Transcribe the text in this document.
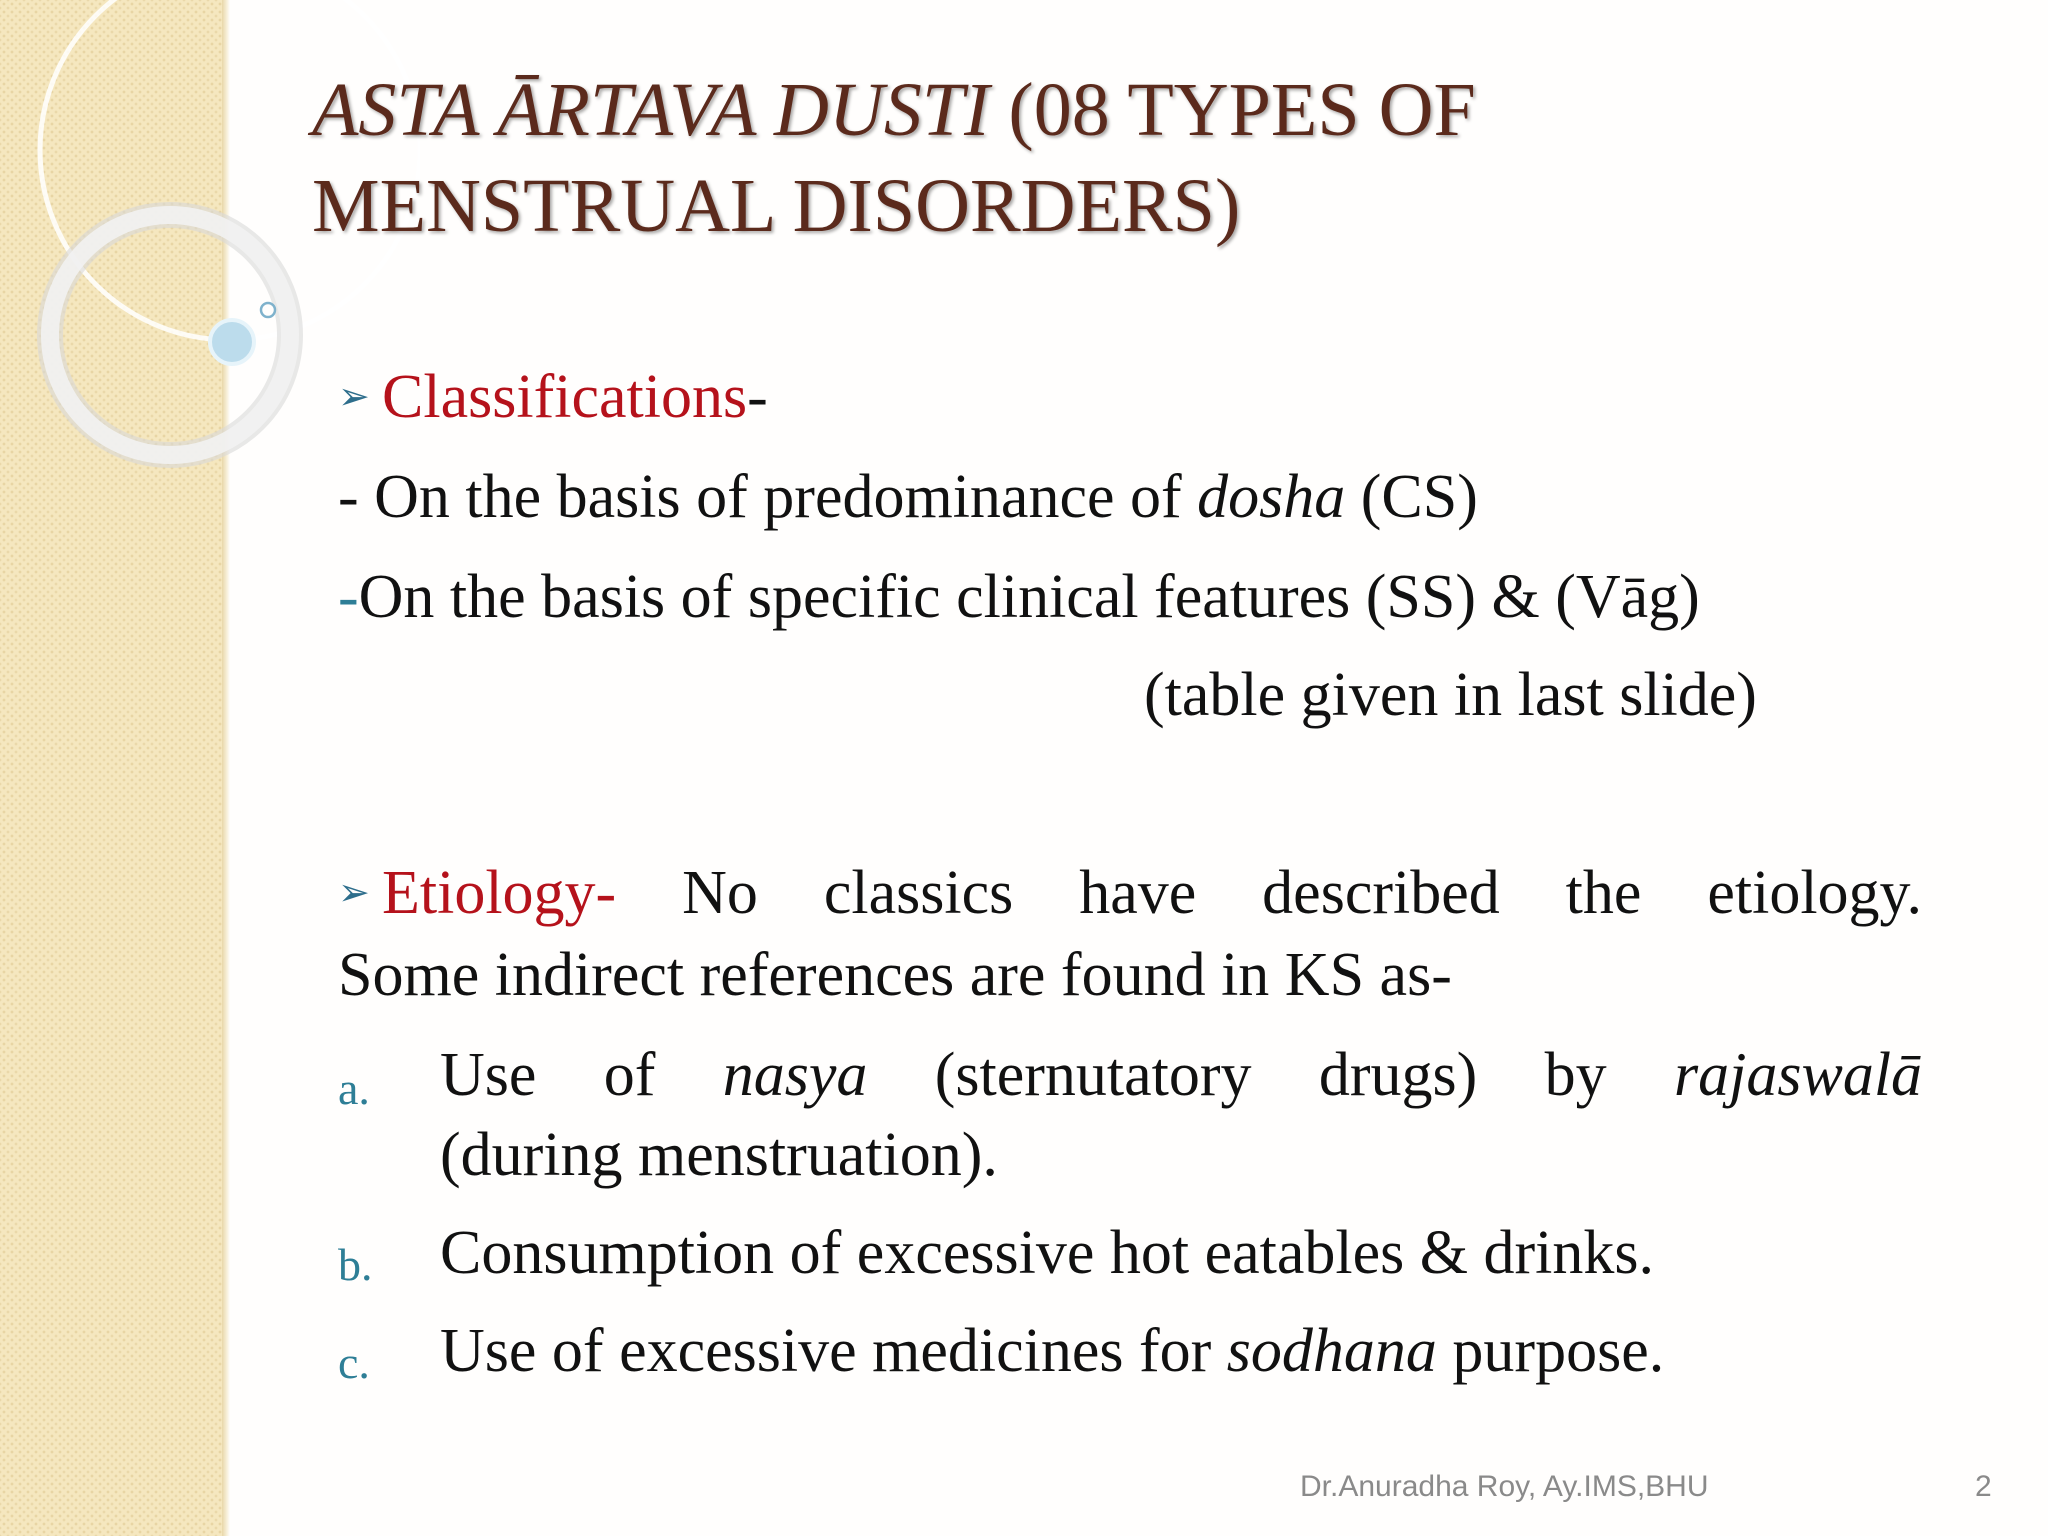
ASTA ĀRTAVA DUSTI (08 TYPES OF
MENSTRUAL DISORDERS)
➢ Classifications-
- On the basis of predominance of dosha (CS)
-On the basis of specific clinical features (SS) & (Vāg)
(table given in last slide)
➢ Etiology- No classics have described the etiology.
Some indirect references are found in KS as-
a. Use of nasya (sternutatory drugs) by rajaswalā
(during menstruation).
b. Consumption of excessive hot eatables & drinks.
c. Use of excessive medicines for sodhana purpose.
Dr.Anuradha Roy, Ay.IMS,BHU	2
